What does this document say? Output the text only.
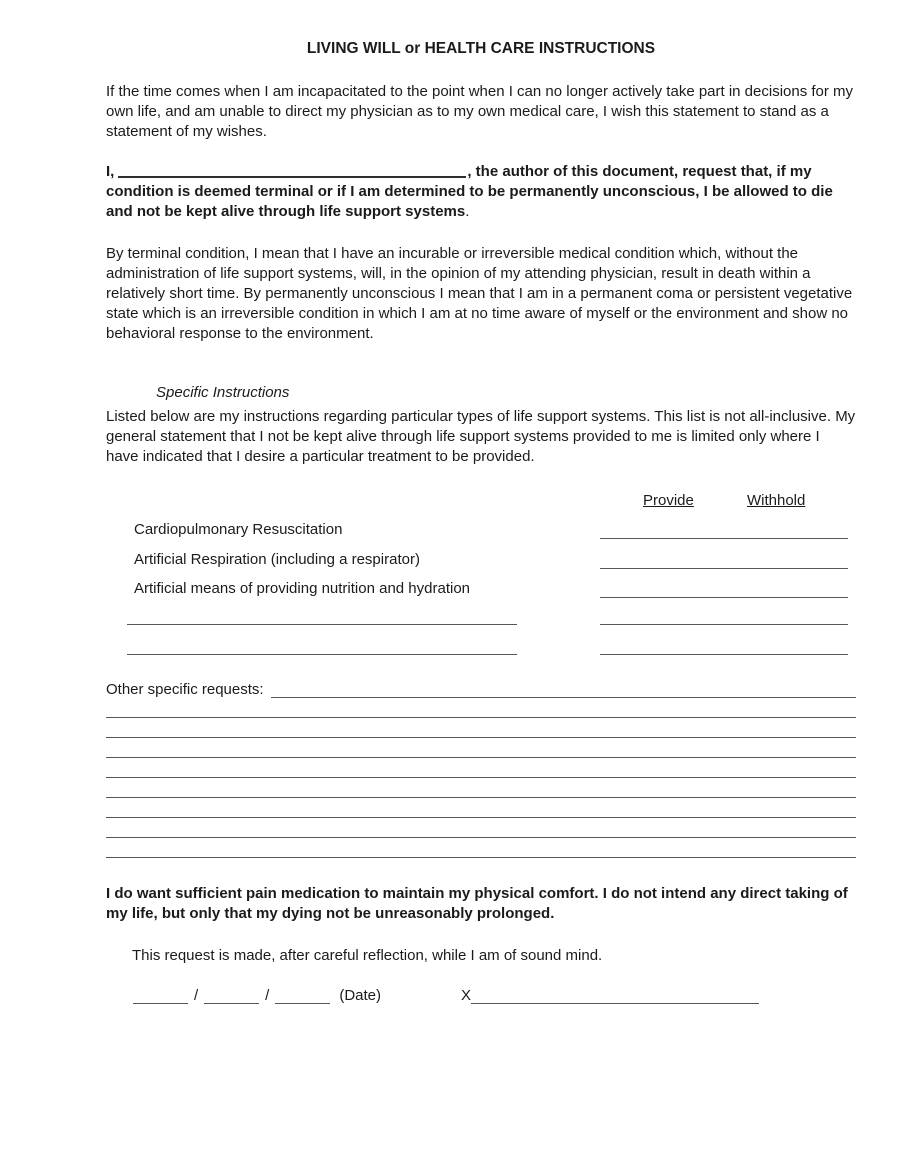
LIVING WILL or HEALTH CARE INSTRUCTIONS

If the time comes when I am incapacitated to the point when I can no longer actively take part in decisions for my own life, and am unable to direct my physician as to my own medical care, I wish this statement to stand as a statement of my wishes.

I,	, the author of this document, request that, if my condition is deemed terminal or if I am determined to be permanently unconscious, I be allowed to die and not be kept alive through life support systems.

By terminal condition, I mean that I have an incurable or irreversible medical condition which, without the administration of life support systems, will, in the opinion of my attending physician, result in death within a relatively short time. By permanently unconscious I mean that I am in a permanent coma or persistent vegetative state which is an irreversible condition in which I am at no time aware of myself or the environment and show no behavioral response to the environment.

Specific Instructions

Listed below are my instructions regarding particular types of life support systems. This list is not all-inclusive. My general statement that I not be kept alive through life support systems provided to me is limited only where I have indicated that I desire a particular treatment to be provided.

Provide	Withhold
Cardiopulmonary Resuscitation
Artificial Respiration (including a respirator)
Artificial means of providing nutrition and hydration
Other specific requests:

I do want sufficient pain medication to maintain my physical comfort. I do not intend any direct taking of my life, but only that my dying not be unreasonably prolonged.

This request is made, after careful reflection, while I am of sound mind.

/	/	(Date)	X
